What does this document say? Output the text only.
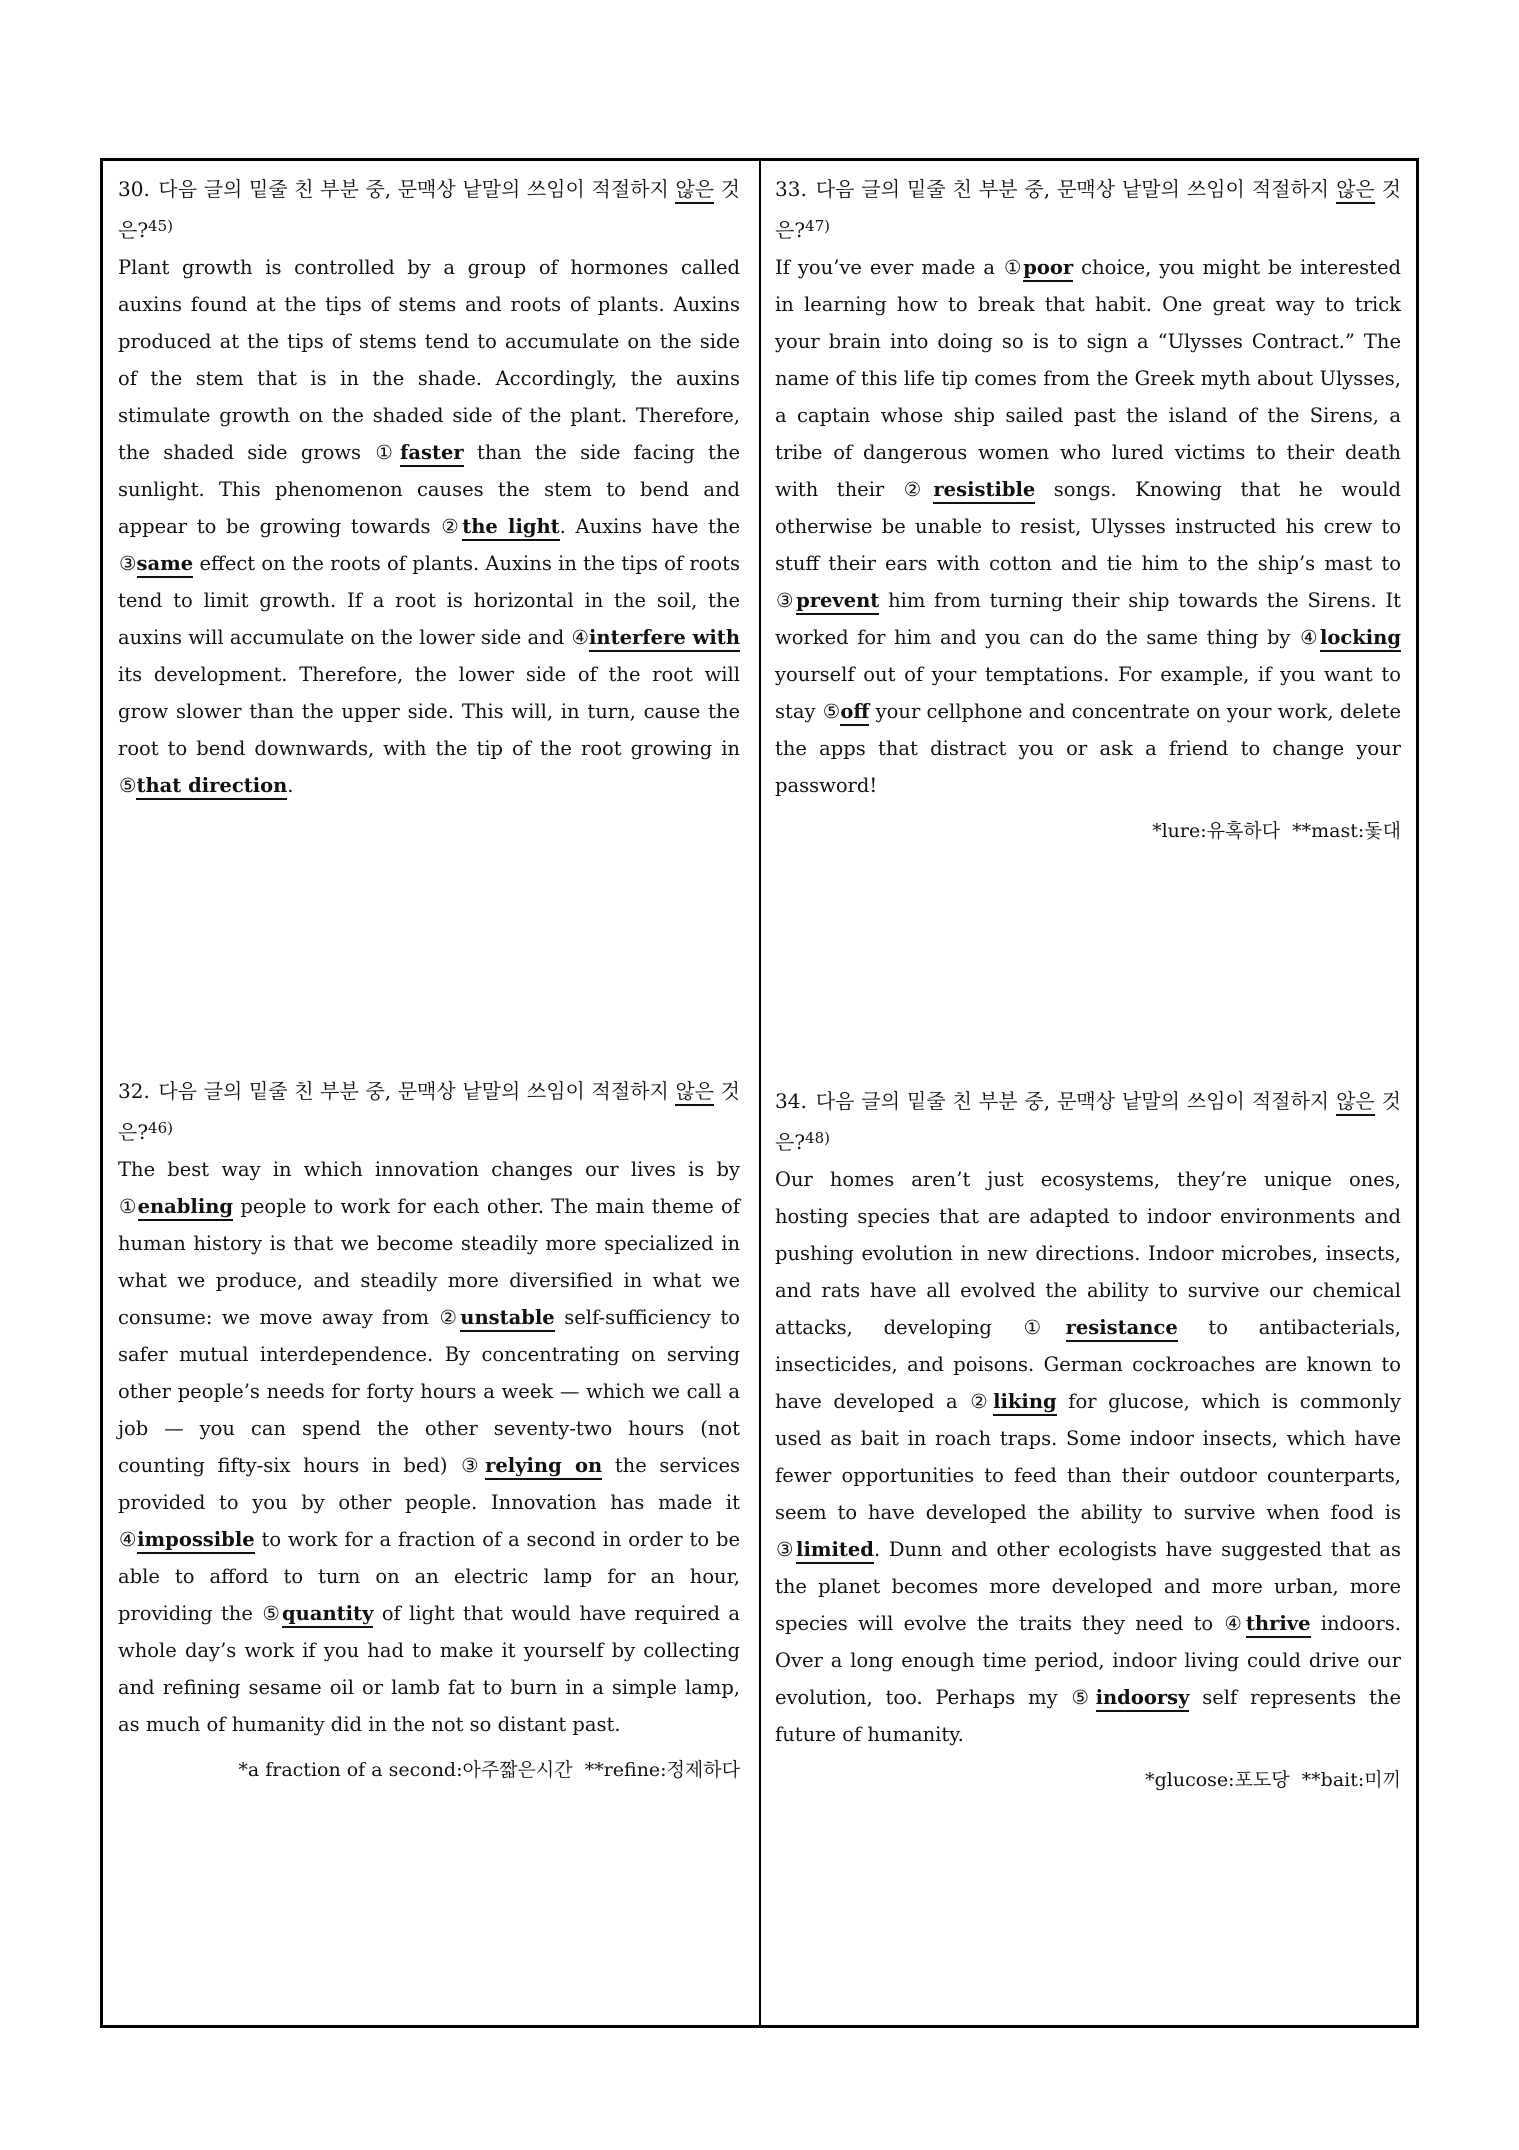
30. 다음 글의 밑줄 친 부분 중, 문맥상 낱말의 쓰임이 적절하지 않은 것은?$^{45)}$
Plant growth is controlled by a group of hormones called auxins found at the tips of stems and roots of plants. Auxins produced at the tips of stems tend to accumulate on the side of the stem that is in the shade. Accordingly, the auxins stimulate growth on the shaded side of the plant. Therefore, the shaded side grows ①faster than the side facing the sunlight. This phenomenon causes the stem to bend and appear to be growing towards ②the light. Auxins have the ③same effect on the roots of plants. Auxins in the tips of roots tend to limit growth. If a root is horizontal in the soil, the auxins will accumulate on the lower side and ④interfere with its development. Therefore, the lower side of the root will grow slower than the upper side. This will, in turn, cause the root to bend downwards, with the tip of the root growing in ⑤that direction.
32. 다음 글의 밑줄 친 부분 중, 문맥상 낱말의 쓰임이 적절하지 않은 것은?$^{46)}$
The best way in which innovation changes our lives is by ①enabling people to work for each other. The main theme of human history is that we become steadily more specialized in what we produce, and steadily more diversified in what we consume: we move away from ②unstable self-sufficiency to safer mutual interdependence. By concentrating on serving other people’s needs for forty hours a week — which we call a job — you can spend the other seventy-two hours (not counting fifty-six hours in bed) ③relying on the services provided to you by other people. Innovation has made it ④impossible to work for a fraction of a second in order to be able to afford to turn on an electric lamp for an hour, providing the ⑤quantity of light that would have required a whole day’s work if you had to make it yourself by collecting and refining sesame oil or lamb fat to burn in a simple lamp, as much of humanity did in the not so distant past.
*a fraction of a second:아주짧은시간  **refine:정제하다
33. 다음 글의 밑줄 친 부분 중, 문맥상 낱말의 쓰임이 적절하지 않은 것은?$^{47)}$
If you’ve ever made a ①poor choice, you might be interested in learning how to break that habit. One great way to trick your brain into doing so is to sign a “Ulysses Contract.” The name of this life tip comes from the Greek myth about Ulysses, a captain whose ship sailed past the island of the Sirens, a tribe of dangerous women who lured victims to their death with their ②resistible songs. Knowing that he would otherwise be unable to resist, Ulysses instructed his crew to stuff their ears with cotton and tie him to the ship’s mast to ③prevent him from turning their ship towards the Sirens. It worked for him and you can do the same thing by ④locking yourself out of your temptations. For example, if you want to stay ⑤off your cellphone and concentrate on your work, delete the apps that distract you or ask a friend to change your password!
*lure:유혹하다  **mast:돛대
34. 다음 글의 밑줄 친 부분 중, 문맥상 낱말의 쓰임이 적절하지 않은 것은?$^{48)}$
Our homes aren’t just ecosystems, they’re unique ones, hosting species that are adapted to indoor environments and pushing evolution in new directions. Indoor microbes, insects, and rats have all evolved the ability to survive our chemical attacks, developing ①resistance to antibacterials, insecticides, and poisons. German cockroaches are known to have developed a ②liking for glucose, which is commonly used as bait in roach traps. Some indoor insects, which have fewer opportunities to feed than their outdoor counterparts, seem to have developed the ability to survive when food is ③limited. Dunn and other ecologists have suggested that as the planet becomes more developed and more urban, more species will evolve the traits they need to ④thrive indoors. Over a long enough time period, indoor living could drive our evolution, too. Perhaps my ⑤indoorsy self represents the future of humanity.
*glucose:포도당  **bait:미끼
